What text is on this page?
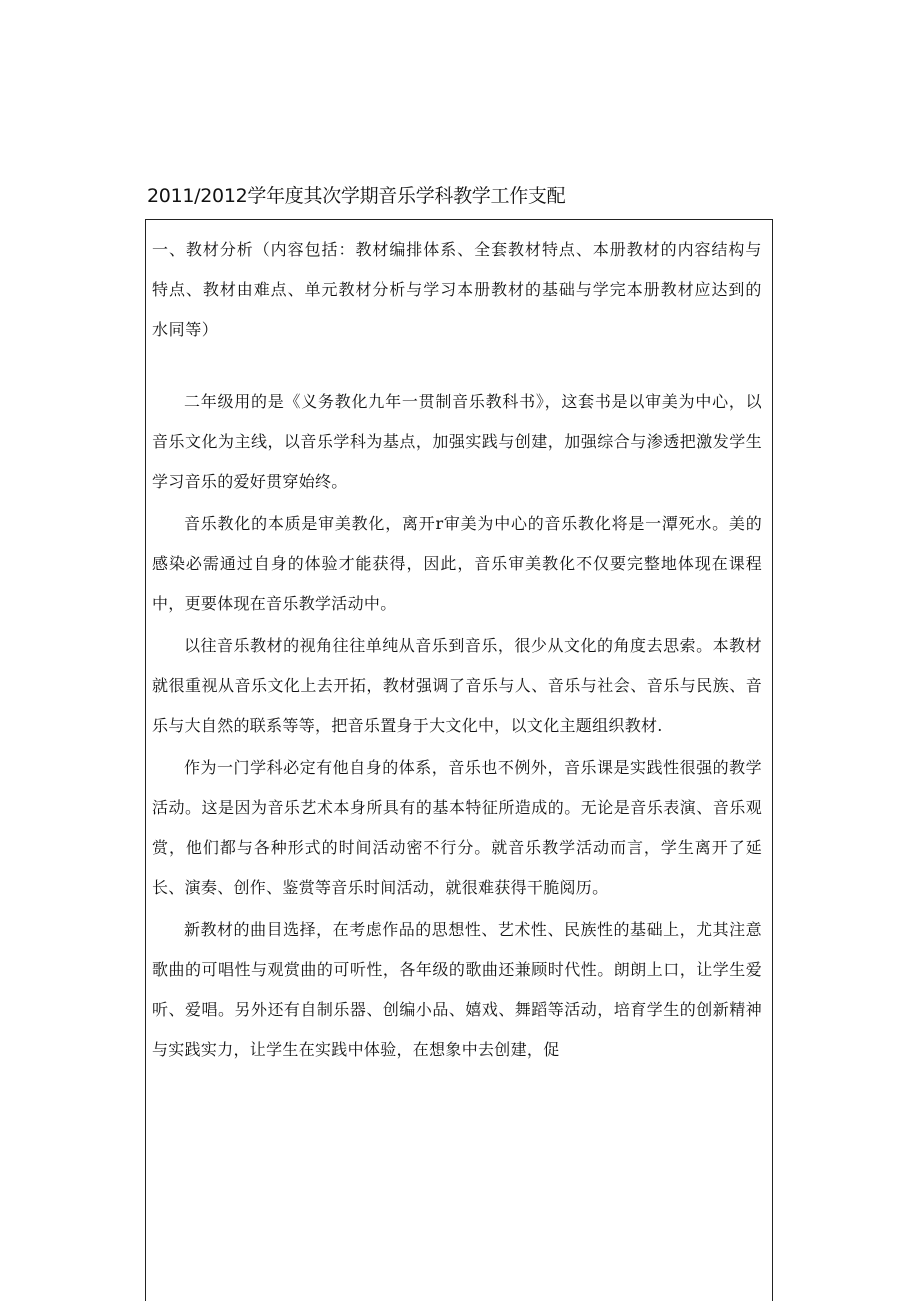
2011/2012学年度其次学期音乐学科教学工作支配

一、教材分析（内容包括：教材编排体系、全套教材特点、本册教材的内容结构与特点、教材由难点、单元教材分析与学习本册教材的基础与学完本册教材应达到的水同等）

二年级用的是《义务教化九年一贯制音乐教科书》，这套书是以审美为中心，以音乐文化为主线，以音乐学科为基点，加强实践与创建，加强综合与渗透把激发学生学习音乐的爱好贯穿始终。

音乐教化的本质是审美教化，离开r审美为中心的音乐教化将是一潭死水。美的感染必需通过自身的体验才能获得，因此，音乐审美教化不仅要完整地体现在课程中，更要体现在音乐教学活动中。

以往音乐教材的视角往往单纯从音乐到音乐，很少从文化的角度去思索。本教材就很重视从音乐文化上去开拓，教材强调了音乐与人、音乐与社会、音乐与民族、音乐与大自然的联系等等，把音乐置身于大文化中，以文化主题组织教材.

作为一门学科必定有他自身的体系，音乐也不例外，音乐课是实践性很强的教学活动。这是因为音乐艺术本身所具有的基本特征所造成的。无论是音乐表演、音乐观赏，他们都与各种形式的时间活动密不行分。就音乐教学活动而言，学生离开了延长、演奏、创作、鉴赏等音乐时间活动，就很难获得干脆阅历。

新教材的曲目选择，在考虑作品的思想性、艺术性、民族性的基础上，尤其注意歌曲的可唱性与观赏曲的可听性，各年级的歌曲还兼顾时代性。朗朗上口，让学生爱听、爱唱。另外还有自制乐器、创编小品、嬉戏、舞蹈等活动，培育学生的创新精神与实践实力，让学生在实践中体验，在想象中去创建，促
